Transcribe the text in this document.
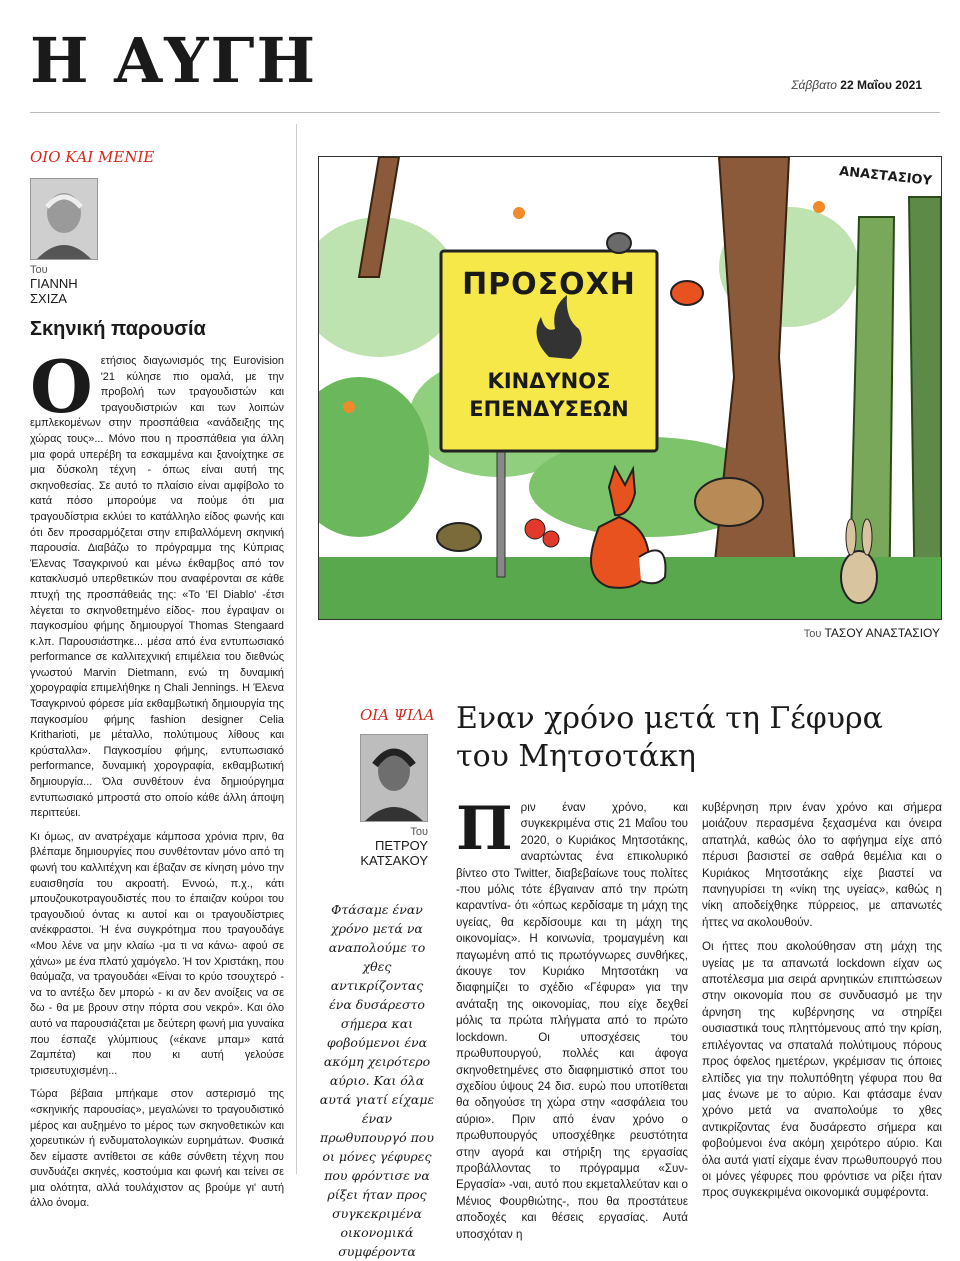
Η ΑΥΓΗ	Σάββατο 22 Μαΐου 2021
ΟΙΟ ΚΑΙ ΜΕΝΙΕ
Του
ΓΙΑΝΝΗ
ΣΧΙΖΑ
Σκηνική παρουσία

Οετήσιος διαγωνισμός της Eurovision '21 κύλησε πιο ομαλά, με την προβολή των τραγουδιστών και τραγουδιστριών και των λοιπών εμπλεκομένων στην προσπάθεια «ανάδειξης της χώρας τους»... Μόνο που η προσπάθεια για άλλη μια φορά υπερέβη τα εσκαμμένα και ξανοίχτηκε σε μια δύσκολη τέχνη - όπως είναι αυτή της σκηνοθεσίας. Σε αυτό το πλαίσιο είναι αμφίβολο το κατά πόσο μπορούμε να πούμε ότι μια τραγουδίστρια εκλύει το κατάλληλο είδος φωνής και ότι δεν προσαρμόζεται στην επιβαλλόμενη σκηνική παρουσία. Διαβάζω το πρόγραμμα της Κύπριας Έλενας Τσαγκρινού και μένω έκθαμβος από τον κατακλυσμό υπερθετικών που αναφέρονται σε κάθε πτυχή της προσπάθειάς της: «Το 'El Diablo' -έτσι λέγεται το σκηνοθετημένο είδος- που έγραψαν οι παγκοσμίου φήμης δημιουργοί Thomas Stengaard κ.λπ. Παρουσιάστηκε... μέσα από ένα εντυπωσιακό performance σε καλλιτεχνική επιμέλεια του διεθνώς γνωστού Marvin Dietmann, ενώ τη δυναμική χορογραφία επιμελήθηκε η Chali Jennings. Η Έλενα Τσαγκρινού φόρεσε μία εκθαμβωτική δημιουργία της παγκοσμίου φήμης fashion designer Celia Kritharioti, με μέταλλο, πολύτιμους λίθους και κρύσταλλα». Παγκοσμίου φήμης, εντυπωσιακό performance, δυναμική χορογραφία, εκθαμβωτική δημιουργία... Όλα συνθέτουν ένα δημιούργημα εντυπωσιακό μπροστά στο οποίο κάθε άλλη άποψη περιττεύει.

Κι όμως, αν ανατρέχαμε κάμποσα χρόνια πριν, θα βλέπαμε δημιουργίες που συνθέτονταν μόνο από τη φωνή του καλλιτέχνη και έβαζαν σε κίνηση μόνο την ευαισθησία του ακροατή. Εννοώ, π.χ., κάτι μπουζουκοτραγουδιστές που το έπαιζαν κούροι του τραγουδιού όντας κι αυτοί και οι τραγουδίστριες ανέκφραστοι. Ή ένα συγκρότημα που τραγουδάγε «Μου λένε να μην κλαίω -μα τι να κάνω- αφού σε χάνω» με ένα πλατύ χαμόγελο. Ή τον Χριστάκη, που θαύμαζα, να τραγουδάει «Είναι το κρύο τσουχτερό - να το αντέξω δεν μπορώ - κι αν δεν ανοίξεις να σε δω - θα με βρουν στην πόρτα σου νεκρό». Και όλο αυτό να παρουσιάζεται με δεύτερη φωνή μια γυναίκα που έσπαζε γλύμπιους («έκανε μπαμ» κατά Ζαμπέτα) και που κι αυτή γελούσε τρισευτυχισμένη...

Τώρα βέβαια μπήκαμε στον αστερισμό της «σκηνικής παρουσίας», μεγαλώνει το τραγουδιστικό μέρος και αυξημένο το μέρος των σκηνοθετικών και χορευτικών ή ενδυματολογικών ευρημάτων. Φυσικά δεν είμαστε αντίθετοι σε κάθε σύνθετη τέχνη που συνδυάζει σκηνές, κοστούμια και φωνή και τείνει σε μια ολότητα, αλλά τουλάχιστον ας βρούμε γι' αυτή άλλο όνομα.

ΠΡΟΣΟΧΗ
ΚΙΝΔΥΝΟΣ
ΕΠΕΝΔΥΣΕΩΝ
ΑΝΑΣΤΑΣΙΟΥ
Του ΤΑΣΟΥ ΑΝΑΣΤΑΣΙΟΥ
ΟΙΑ ΨΙΛΑ Εναν χρόνο μετά τη Γέφυρα
του Μητσοτάκη
Του
ΠΕΤΡΟΥ
ΚΑΤΣΑΚΟΥ
Φτάσαμε έναν χρόνο μετά να αναπολούμε το χθες αντικρίζοντας ένα δυσάρεστο σήμερα και φοβούμενοι ένα ακόμη χειρότερο αύριο. Και όλα αυτά γιατί είχαμε έναν πρωθυπουργό που οι μόνες γέφυρες που φρόντισε να ρίξει ήταν προς συγκεκριμένα οικονομικά συμφέροντα
Πριν έναν χρόνο, και συγκεκριμένα στις 21 Μαΐου του 2020, ο Κυριάκος Μητσοτάκης, αναρτώντας ένα επικολυρικό βίντεο στο Twitter, διαβεβαίωνε τους πολίτες -που μόλις τότε έβγαιναν από την πρώτη καραντίνα- ότι «όπως κερδίσαμε τη μάχη της υγείας, θα κερδίσουμε και τη μάχη της οικονομίας». Η κοινωνία, τρομαγμένη και παγωμένη από τις πρωτόγνωρες συνθήκες, άκουγε τον Κυριάκο Μητσοτάκη να διαφημίζει το σχέδιο «Γέφυρα» για την ανάταξη της οικονομίας, που είχε δεχθεί μόλις τα πρώτα πλήγματα από το πρώτο lockdown. Οι υποσχέσεις του πρωθυπουργού, πολλές και άφογα σκηνοθετημένες στο διαφημιστικό σποτ του σχεδίου ύψους 24 δισ. ευρώ που υποτίθεται θα οδηγούσε τη χώρα στην «ασφάλεια του αύριο». Πριν από έναν χρόνο ο πρωθυπουργός υποσχέθηκε ρευστότητα στην αγορά και στήριξη της εργασίας προβάλλοντας το πρόγραμμα «Συν-Εργασία» -ναι, αυτό που εκμεταλλεύταν και ο Μένιος Φουρθιώτης-, που θα προστάτευε αποδοχές και θέσεις εργασίας. Αυτά υποσχόταν η

κυβέρνηση πριν έναν χρόνο και σήμερα μοιάζουν περασμένα ξεχασμένα και όνειρα απατηλά, καθώς όλο το αφήγημα είχε από πέρυσι βασιστεί σε σαθρά θεμέλια και ο Κυριάκος Μητσοτάκης είχε βιαστεί να πανηγυρίσει τη «νίκη της υγείας», καθώς η νίκη αποδείχθηκε πύρρειος, με απανωτές ήττες να ακολουθούν.

Οι ήττες που ακολούθησαν στη μάχη της υγείας με τα απανωτά lockdown είχαν ως αποτέλεσμα μια σειρά αρνητικών επιπτώσεων στην οικονομία που σε συνδυασμό με την άρνηση της κυβέρνησης να στηρίξει ουσιαστικά τους πληττόμενους από την κρίση, επιλέγοντας να σπαταλά πολύτιμους πόρους προς όφελος ημετέρων, γκρέμισαν τις όποιες ελπίδες για την πολυπόθητη γέφυρα που θα μας ένωνε με το αύριο. Και φτάσαμε έναν χρόνο μετά να αναπολούμε το χθες αντικρίζοντας ένα δυσάρεστο σήμερα και φοβούμενοι ένα ακόμη χειρότερο αύριο. Και όλα αυτά γιατί είχαμε έναν πρωθυπουργό που οι μόνες γέφυρες που φρόντισε να ρίξει ήταν προς συγκεκριμένα οικονομικά συμφέροντα.
